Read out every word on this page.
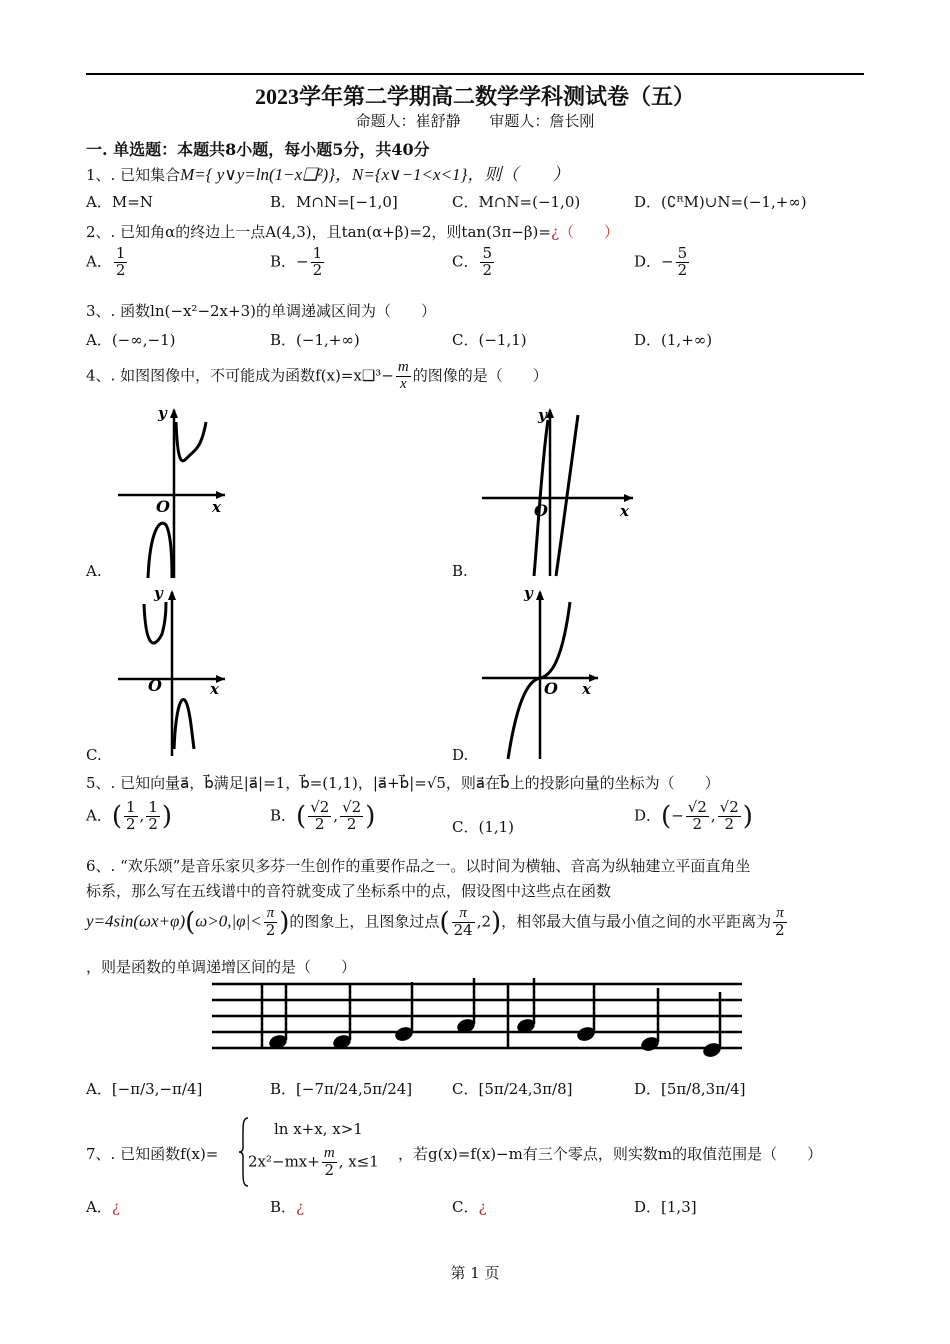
2023学年第二学期高二数学学科测试卷（五）
命题人：崔舒静 审题人：詹长刚
一. 单选题：本题共8小题，每小题5分，共40分
1、. 已知集合M={ y∨y=ln(1−x❑²)}，N={x∨−1<x<1}，则（　　）
A．M=N	B．M∩N=[−1,0]	C．M∩N=(−1,0)	D．(∁ᴿM)∪N=(−1,+∞)
2、. 已知角α的终边上一点A(4,3)，且tan(α+β)=2，则tan(3π−β)=¿（　　）
A． $\frac{1}{2}$	B．− $\frac{1}{2}$	C． $\frac{5}{2}$	D．− $\frac{5}{2}$
3、. 函数ln(−x²−2x+3)的单调递减区间为（　　）
A．(−∞,−1)	B．(−1,+∞)	C．(−1,1)	D．(1,+∞)
4、. 如图图像中，不可能成为函数f(x)=x❑³− $\frac{m}{x}$ 的图像的是（　　）
y
x
O
A.
y
x
O
B.
y
x
O
C.
y
x
O
D.
5、. 已知向量a⃗，b⃗满足|a⃗|=1，b⃗=(1,1)，|a⃗+b⃗|=√5，则a⃗在b⃗上的投影向量的坐标为（　　）
A．( $\frac{1}{2}$ , $\frac{1}{2}$ )	B．( $\frac{√2}{2}$ , $\frac{√2}{2}$ )	C．(1,1)
D．(− $\frac{√2}{2}$ , $\frac{√2}{2}$ )
6、. “欢乐颂”是音乐家贝多芬一生创作的重要作品之一。以时间为横轴、音高为纵轴建立平面直角坐
标系，那么写在五线谱中的音符就变成了坐标系中的点，假设图中这些点在函数
$y=4\sin(\omega x+\varphi)(\omega>0,|\varphi|< \frac{\pi}{2}$ )的图象上，且图象过点( $\frac{\pi}{24} ,2$)，相邻最大值与最小值之间的水平距离为 $\frac{\pi}{2}$
，则是函数的单调递增区间的是（　　）
A．[−π/3,−π/4]	B．[−7π/24,5π/24]	C．[5π/24,3π/8]	D．[5π/8,3π/4]
7、. 已知函数f(x)=
ln x+x, x>1
$2x^2-mx+ \frac{m}{2}$ , x≤1 ，若g(x)=f(x)−m有三个零点，则实数m的取值范围是（　　）
A．¿	B．¿	C．¿	D．[1,3]
第 1 页
